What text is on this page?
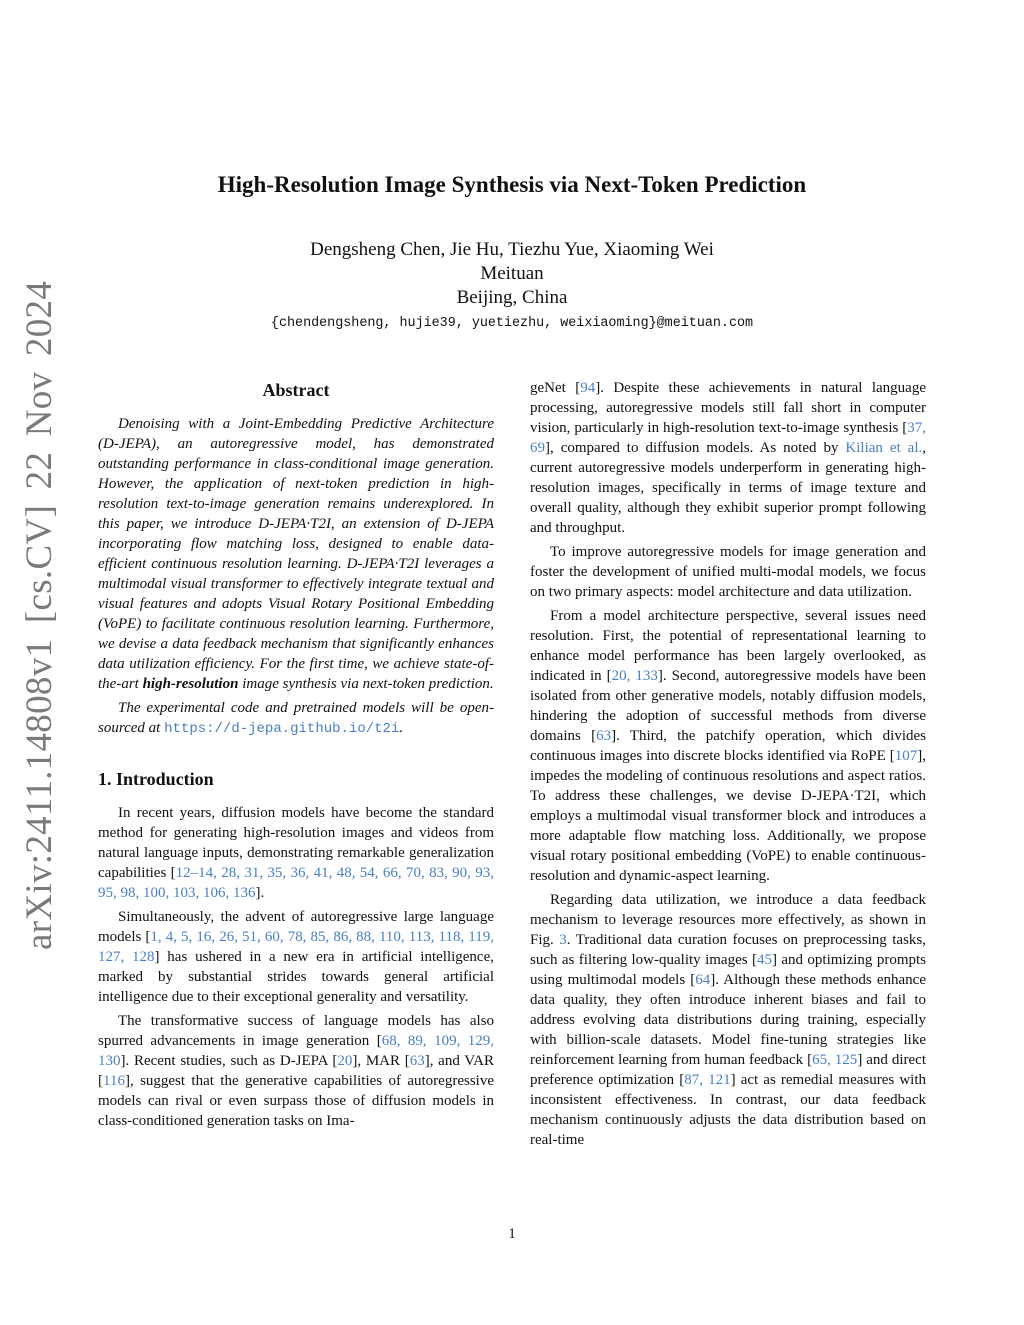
arXiv:2411.14808v1 [cs.CV] 22 Nov 2024
High-Resolution Image Synthesis via Next-Token Prediction
Dengsheng Chen, Jie Hu, Tiezhu Yue, Xiaoming Wei
Meituan
Beijing, China
{chendengsheng, hujie39, yuetiezhu, weixiaoming}@meituan.com
Abstract

Denoising with a Joint-Embedding Predictive Architecture (D-JEPA), an autoregressive model, has demonstrated outstanding performance in class-conditional image generation. However, the application of next-token prediction in high-resolution text-to-image generation remains underexplored. In this paper, we introduce D-JEPA·T2I, an extension of D-JEPA incorporating flow matching loss, designed to enable data-efficient continuous resolution learning. D-JEPA·T2I leverages a multimodal visual transformer to effectively integrate textual and visual features and adopts Visual Rotary Positional Embedding (VoPE) to facilitate continuous resolution learning. Furthermore, we devise a data feedback mechanism that significantly enhances data utilization efficiency. For the first time, we achieve state-of-the-art high-resolution image synthesis via next-token prediction.

The experimental code and pretrained models will be open-sourced at https://d-jepa.github.io/t2i.

1. Introduction

In recent years, diffusion models have become the standard method for generating high-resolution images and videos from natural language inputs, demonstrating remarkable generalization capabilities [12–14, 28, 31, 35, 36, 41, 48, 54, 66, 70, 83, 90, 93, 95, 98, 100, 103, 106, 136].

Simultaneously, the advent of autoregressive large language models [1, 4, 5, 16, 26, 51, 60, 78, 85, 86, 88, 110, 113, 118, 119, 127, 128] has ushered in a new era in artificial intelligence, marked by substantial strides towards general artificial intelligence due to their exceptional generality and versatility.

The transformative success of language models has also spurred advancements in image generation [68, 89, 109, 129, 130]. Recent studies, such as D-JEPA [20], MAR [63], and VAR [116], suggest that the generative capabilities of autoregressive models can rival or even surpass those of diffusion models in class-conditioned generation tasks on Ima-

geNet [94]. Despite these achievements in natural language processing, autoregressive models still fall short in computer vision, particularly in high-resolution text-to-image synthesis [37, 69], compared to diffusion models. As noted by Kilian et al., current autoregressive models underperform in generating high-resolution images, specifically in terms of image texture and overall quality, although they exhibit superior prompt following and throughput.

To improve autoregressive models for image generation and foster the development of unified multi-modal models, we focus on two primary aspects: model architecture and data utilization.

From a model architecture perspective, several issues need resolution. First, the potential of representational learning to enhance model performance has been largely overlooked, as indicated in [20, 133]. Second, autoregressive models have been isolated from other generative models, notably diffusion models, hindering the adoption of successful methods from diverse domains [63]. Third, the patchify operation, which divides continuous images into discrete blocks identified via RoPE [107], impedes the modeling of continuous resolutions and aspect ratios. To address these challenges, we devise D-JEPA·T2I, which employs a multimodal visual transformer block and introduces a more adaptable flow matching loss. Additionally, we propose visual rotary positional embedding (VoPE) to enable continuous-resolution and dynamic-aspect learning.

Regarding data utilization, we introduce a data feedback mechanism to leverage resources more effectively, as shown in Fig. 3. Traditional data curation focuses on preprocessing tasks, such as filtering low-quality images [45] and optimizing prompts using multimodal models [64]. Although these methods enhance data quality, they often introduce inherent biases and fail to address evolving data distributions during training, especially with billion-scale datasets. Model fine-tuning strategies like reinforcement learning from human feedback [65, 125] and direct preference optimization [87, 121] act as remedial measures with inconsistent effectiveness. In contrast, our data feedback mechanism continuously adjusts the data distribution based on real-time

1
